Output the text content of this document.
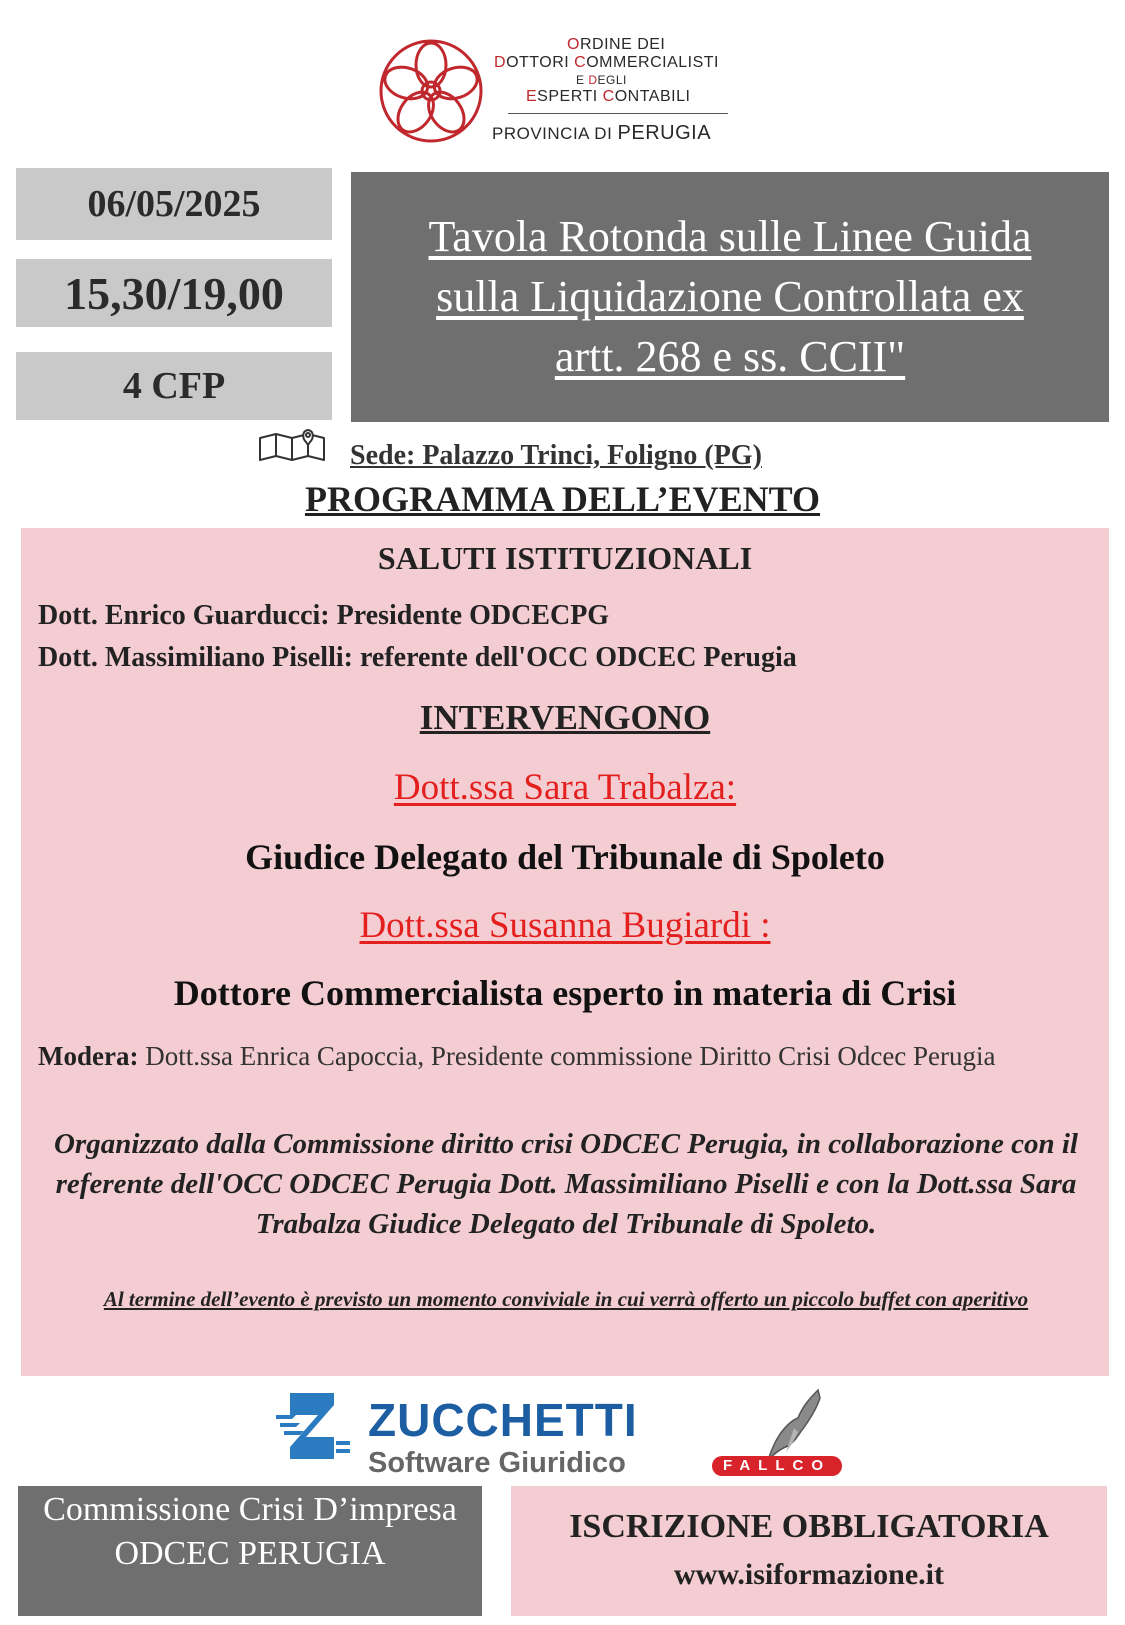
ORDINE DEI
DOTTORI COMMERCIALISTI
E DEGLI
ESPERTI CONTABILI
PROVINCIA DI PERUGIA
06/05/2025
15,30/19,00
4 CFP
Tavola Rotonda sulle Linee Guida sulla Liquidazione Controllata ex artt. 268 e ss. CCII"
Sede: Palazzo Trinci, Foligno (PG)
PROGRAMMA DELL’EVENTO
SALUTI ISTITUZIONALI
Dott. Enrico Guarducci: Presidente ODCECPG
Dott. Massimiliano Piselli: referente dell'OCC ODCEC Perugia
INTERVENGONO
Dott.ssa Sara Trabalza:
Giudice Delegato del Tribunale di Spoleto
Dott.ssa Susanna Bugiardi :
Dottore Commercialista esperto in materia di Crisi
Modera: Dott.ssa Enrica Capoccia, Presidente commissione Diritto Crisi Odcec Perugia
Organizzato dalla Commissione diritto crisi ODCEC Perugia, in collaborazione con il referente dell'OCC ODCEC Perugia Dott. Massimiliano Piselli e con la Dott.ssa Sara Trabalza Giudice Delegato del Tribunale di Spoleto.
Al termine dell’evento è previsto un momento conviviale in cui verrà offerto un piccolo buffet con aperitivo
ZUCCHETTI
Software Giuridico	FALLCO
Commissione Crisi D’impresa ODCEC PERUGIA
ISCRIZIONE OBBLIGATORIA
www.isiformazione.it
